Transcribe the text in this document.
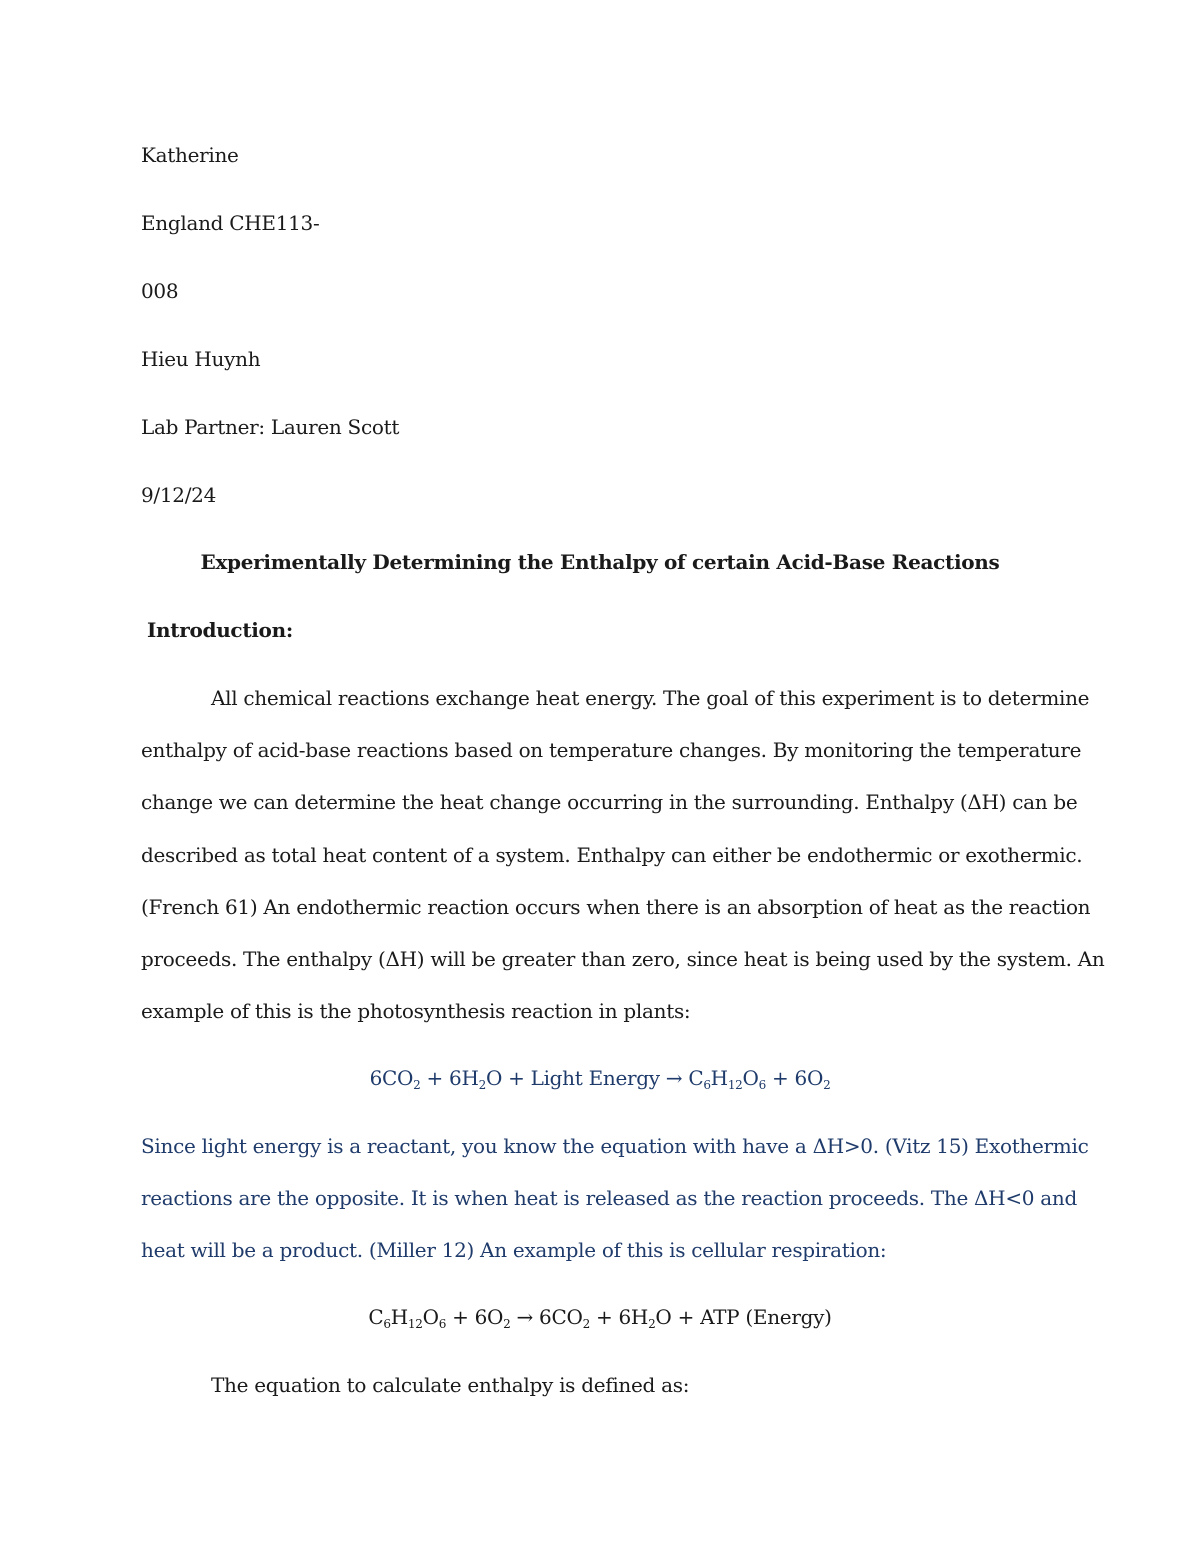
Katherine
England CHE113-
008
Hieu Huynh
Lab Partner: Lauren Scott
9/12/24
Experimentally Determining the Enthalpy of certain Acid-Base Reactions
Introduction:
All chemical reactions exchange heat energy. The goal of this experiment is to determine
enthalpy of acid-base reactions based on temperature changes. By monitoring the temperature
change we can determine the heat change occurring in the surrounding. Enthalpy (ΔH) can be
described as total heat content of a system. Enthalpy can either be endothermic or exothermic.
(French 61) An endothermic reaction occurs when there is an absorption of heat as the reaction
proceeds. The enthalpy (ΔH) will be greater than zero, since heat is being used by the system. An
example of this is the photosynthesis reaction in plants:
$6CO_2 + 6H_2O$ + Light Energy → $C_6H_{12}O_6 + 6O_2$
Since light energy is a reactant, you know the equation with have a ΔH>0. (Vitz 15) Exothermic
reactions are the opposite. It is when heat is released as the reaction proceeds. The ΔH<0 and
heat will be a product. (Miller 12) An example of this is cellular respiration:
$C_6H_{12}O_6 + 6O_2 \to 6CO_2 + 6H_2O$ + ATP (Energy)
The equation to calculate enthalpy is defined as:
